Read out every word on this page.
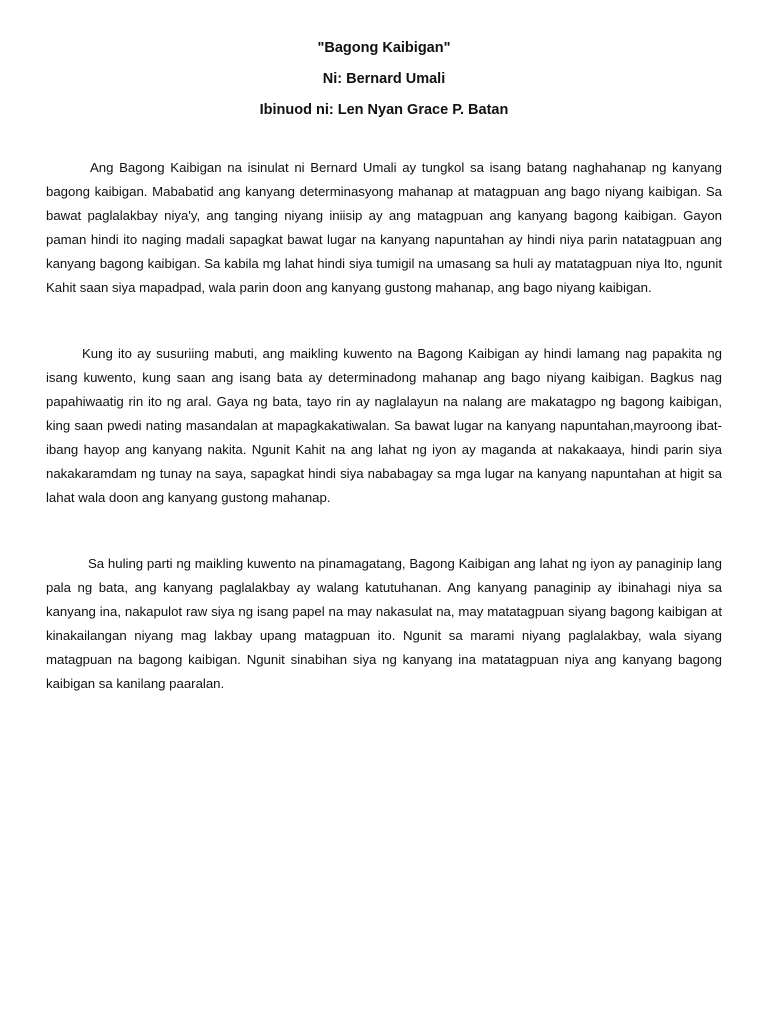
"Bagong Kaibigan"

Ni: Bernard Umali

Ibinuod ni: Len Nyan Grace P. Batan

Ang Bagong Kaibigan na isinulat ni Bernard Umali ay tungkol sa isang batang naghahanap ng kanyang bagong kaibigan. Mababatid ang kanyang determinasyong mahanap at matagpuan ang bago niyang kaibigan. Sa bawat paglalakbay niya'y, ang tanging niyang iniisip ay ang matagpuan ang kanyang bagong kaibigan. Gayon paman hindi ito naging madali sapagkat bawat lugar na kanyang napuntahan ay hindi niya parin natatagpuan ang kanyang bagong kaibigan. Sa kabila mg lahat hindi siya tumigil na umasang sa huli ay matatagpuan niya Ito, ngunit Kahit saan siya mapadpad, wala parin doon ang kanyang gustong mahanap, ang bago niyang kaibigan.

Kung ito ay susuriing mabuti, ang maikling kuwento na Bagong Kaibigan ay hindi lamang nag papakita ng isang kuwento, kung saan ang isang bata ay determinadong mahanap ang bago niyang kaibigan. Bagkus nag papahiwaatig rin ito ng aral. Gaya ng bata, tayo rin ay naglalayun na nalang are makatagpo ng bagong kaibigan, king saan pwedi nating masandalan at mapagkakatiwalan. Sa bawat lugar na kanyang napuntahan,mayroong ibat-ibang hayop ang kanyang nakita. Ngunit Kahit na ang lahat ng iyon ay maganda at nakakaaya, hindi parin siya nakakaramdam ng tunay na saya, sapagkat hindi siya nababagay sa mga lugar na kanyang napuntahan at higit sa lahat wala doon ang kanyang gustong mahanap.

Sa huling parti ng maikling kuwento na pinamagatang, Bagong Kaibigan ang lahat ng iyon ay panaginip lang pala ng bata, ang kanyang paglalakbay ay walang katutuhanan. Ang kanyang panaginip ay ibinahagi niya sa kanyang ina, nakapulot raw siya ng isang papel na may nakasulat na, may matatagpuan siyang bagong kaibigan at kinakailangan niyang mag lakbay upang matagpuan ito. Ngunit sa marami niyang paglalakbay, wala siyang matagpuan na bagong kaibigan. Ngunit sinabihan siya ng kanyang ina matatagpuan niya ang kanyang bagong kaibigan sa kanilang paaralan.
